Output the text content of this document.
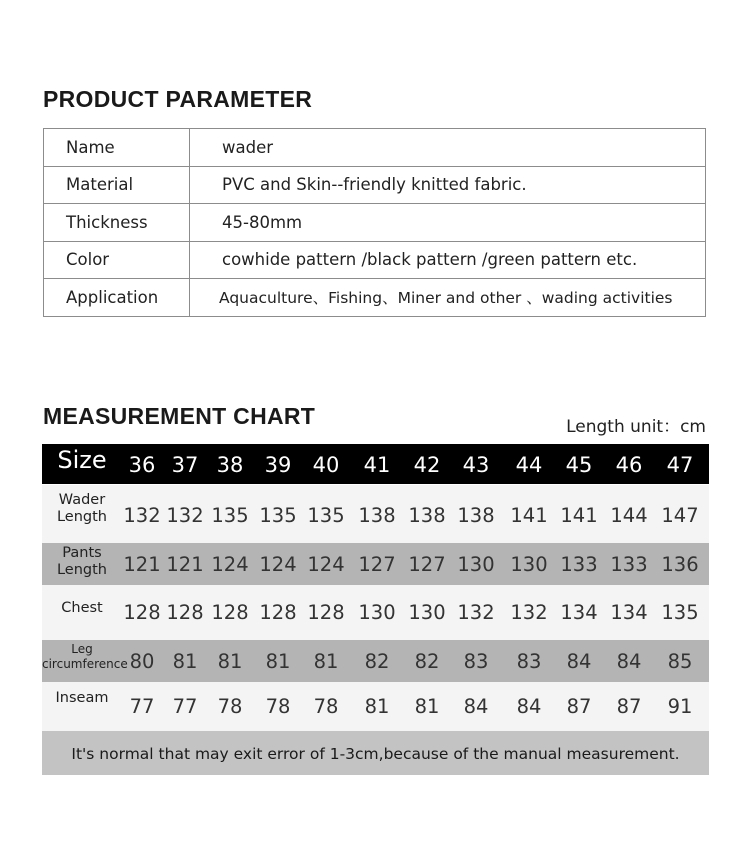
PRODUCT PARAMETER
Name	wader
Material	PVC and Skin--friendly knitted fabric.
Thickness	45-80mm
Color	cowhide pattern /black pattern /green pattern etc.
Application	Aquaculture、Fishing、Miner and other 、wading activities
MEASUREMENT CHART	Length unit：cm
It's normal that may exit error of 1-3cm,because of the manual measurement.
Size	36 37 38	39	40	41	42	43	44	45	46	47
Wader
Length 132 132 135 135 135 138 138 138 141 141 144 147
Pants
Length 121 121 124 124 124 127 127 130 130 133 133 136
Chest	128 128 128 128 128 130 130 132 132 134 134 135
Leg
circumference 80 81	81	81	81	82	82	83	83	84	84	85
Inseam	77 77	78	78	78	81	81	84	84	87	87	91
